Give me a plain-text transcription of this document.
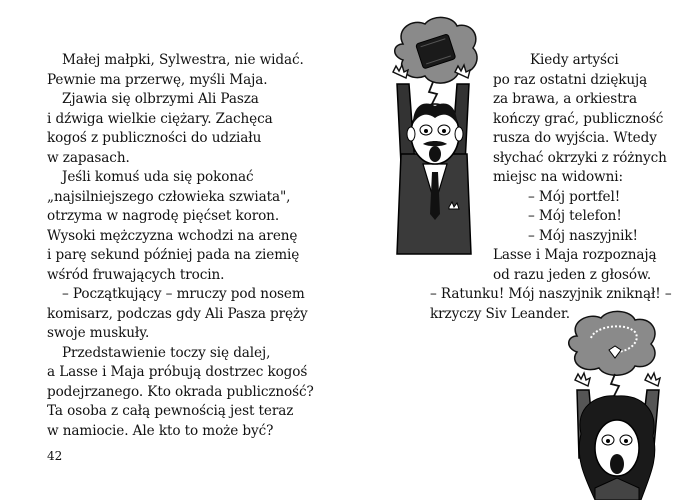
Małej małpki, Sylwestra, nie widać.
Pewnie ma przerwę, myśli Maja.
Zjawia się olbrzymi Ali Pasza
i dźwiga wielkie ciężary. Zachęca
kogoś z publiczności do udziału
w zapasach.
Jeśli komuś uda się pokonać
„najsilniejszego człowieka szwiata",
otrzyma w nagrodę pięćset koron.
Wysoki mężczyzna wchodzi na arenę
i parę sekund później pada na ziemię
wśród fruwających trocin.
– Początkujący – mruczy pod nosem
komisarz, podczas gdy Ali Pasza pręży
swoje muskuły.
Przedstawienie toczy się dalej,
a Lasse i Maja próbują dostrzec kogoś
podejrzanego. Kto okrada publiczność?
Ta osoba z całą pewnością jest teraz
w namiocie. Ale kto to może być?
42
Kiedy artyści
po raz ostatni dziękują
za brawa, a orkiestra
kończy grać, publiczność
rusza do wyjścia. Wtedy
słychać okrzyki z różnych
miejsc na widowni:
– Mój portfel!
– Mój telefon!
– Mój naszyjnik!
Lasse i Maja rozpoznają
od razu jeden z głosów.
– Ratunku! Mój naszyjnik zniknął! –
krzyczy Siv Leander.
